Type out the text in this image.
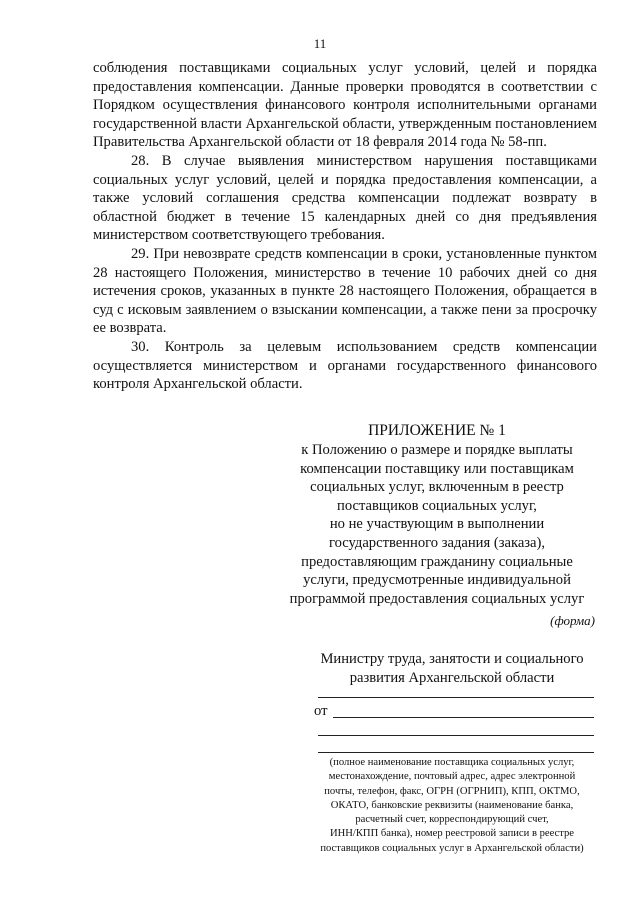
11

соблюдения поставщиками социальных услуг условий, целей и порядка предоставления компенсации. Данные проверки проводятся в соответствии с Порядком осуществления финансового контроля исполнительными органами государственной власти Архангельской области, утвержденным постановлением Правительства Архангельской области от 18 февраля 2014 года № 58-пп.

28. В случае выявления министерством нарушения поставщиками социальных услуг условий, целей и порядка предоставления компенсации, а также условий соглашения средства компенсации подлежат возврату в областной бюджет в течение 15 календарных дней со дня предъявления министерством соответствующего требования.

29. При невозврате средств компенсации в сроки, установленные пунктом 28 настоящего Положения, министерство в течение 10 рабочих дней со дня истечения сроков, указанных в пункте 28 настоящего Положения, обращается в суд с исковым заявлением о взыскании компенсации, а также пени за просрочку ее возврата.

30. Контроль за целевым использованием средств компенсации осуществляется министерством и органами государственного финансового контроля Архангельской области.

ПРИЛОЖЕНИЕ № 1

к Положению о размере и порядке выплаты
компенсации поставщику или поставщикам
социальных услуг, включенным в реестр
поставщиков социальных услуг,
но не участвующим в выполнении
государственного задания (заказа),
предоставляющим гражданину социальные
услуги, предусмотренные индивидуальной
программой предоставления социальных услуг
(форма)
Министру труда, занятости и социального
развития Архангельской области
от
(полное наименование поставщика социальных услуг,
местонахождение, почтовый адрес, адрес электронной
почты, телефон, факс, ОГРН (ОГРНИП), КПП, ОКТМО,
ОКАТО, банковские реквизиты (наименование банка,
расчетный счет, корреспондирующий счет,
ИНН/КПП банка), номер реестровой записи в реестре
поставщиков социальных услуг в Архангельской области)
